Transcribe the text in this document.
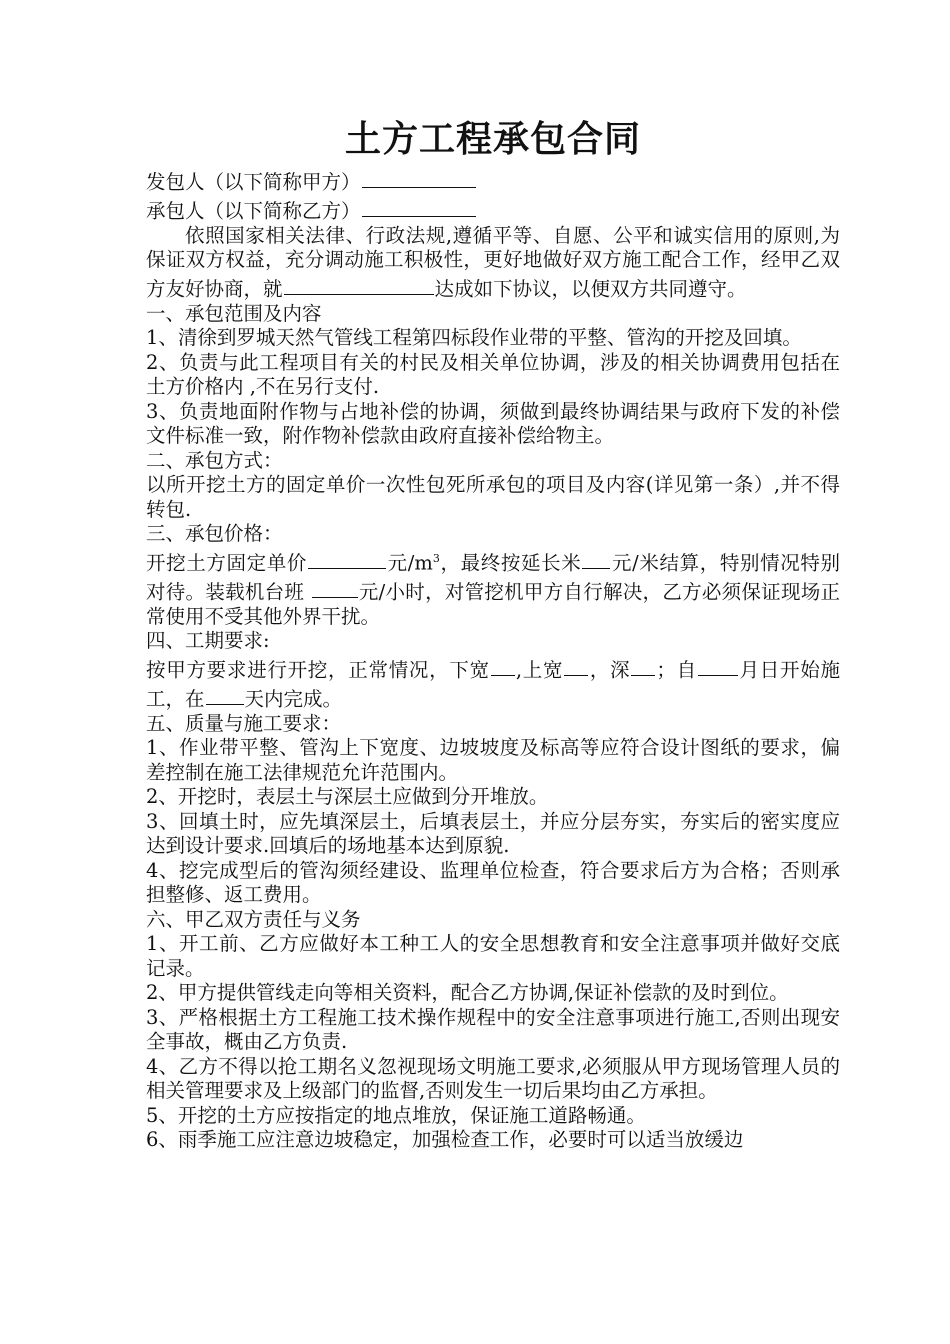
土方工程承包合同

发包人（以下简称甲方）

承包人（以下简称乙方）

依照国家相关法律、行政法规,遵循平等、自愿、公平和诚实信用的原则,为保证双方权益，充分调动施工积极性，更好地做好双方施工配合工作，经甲乙双方友好协商，就	达成如下协议，以便双方共同遵守。

一、承包范围及内容

1、清徐到罗城天然气管线工程第四标段作业带的平整、管沟的开挖及回填。

2、负责与此工程项目有关的村民及相关单位协调，涉及的相关协调费用包括在土方价格内 ,不在另行支付.

3、负责地面附作物与占地补偿的协调，须做到最终协调结果与政府下发的补偿文件标准一致，附作物补偿款由政府直接补偿给物主。

二、承包方式：

以所开挖土方的固定单价一次性包死所承包的项目及内容(详见第一条）,并不得转包.

三、承包价格：

开挖土方固定单价	元$/m^3$，最终按延长米 元/米结算，特别情况特别对待。装载机台班 元/小时，对管挖机甲方自行解决，乙方必须保证现场正常使用不受其他外界干扰。

四、工期要求:

按甲方要求进行开挖，正常情况，下宽 ,上宽 ，深 ；自 月日开始施工，在 天内完成。

五、质量与施工要求：

1、作业带平整、管沟上下宽度、边坡坡度及标高等应符合设计图纸的要求，偏差控制在施工法律规范允许范围内。

2、开挖时，表层土与深层土应做到分开堆放。

3、回填土时，应先填深层土，后填表层土，并应分层夯实，夯实后的密实度应达到设计要求.回填后的场地基本达到原貌.

4、挖完成型后的管沟须经建设、监理单位检查，符合要求后方为合格；否则承担整修、返工费用。

六、甲乙双方责任与义务

1、开工前、乙方应做好本工种工人的安全思想教育和安全注意事项并做好交底记录。

2、甲方提供管线走向等相关资料，配合乙方协调,保证补偿款的及时到位。

3、严格根据土方工程施工技术操作规程中的安全注意事项进行施工,否则出现安全事故，概由乙方负责.

4、乙方不得以抢工期名义忽视现场文明施工要求,必须服从甲方现场管理人员的相关管理要求及上级部门的监督,否则发生一切后果均由乙方承担。

5、开挖的土方应按指定的地点堆放，保证施工道路畅通。

6、雨季施工应注意边坡稳定，加强检查工作，必要时可以适当放缓边
